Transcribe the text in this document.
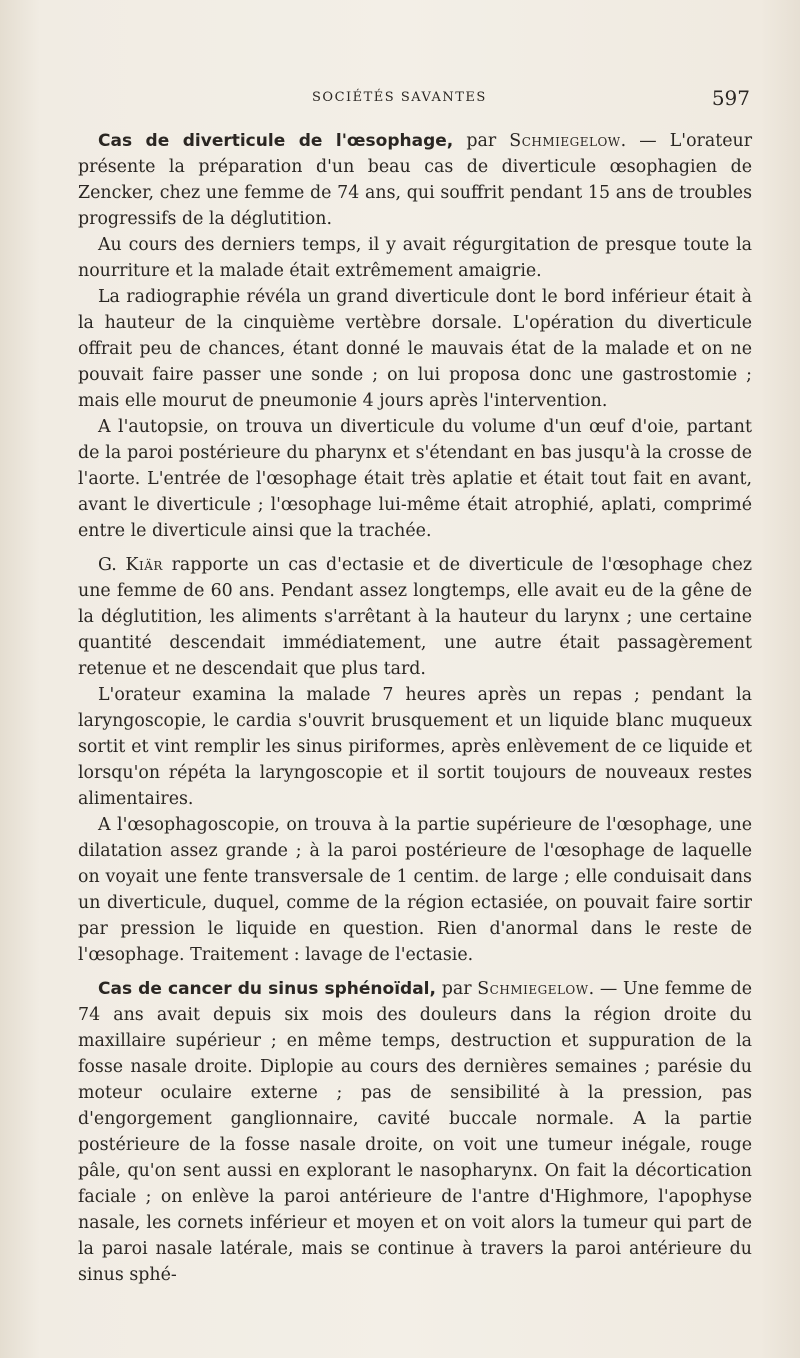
SOCIÉTÉS SAVANTES	597

Cas de diverticule de l'œsophage, par Schmiegelow. — L'orateur présente la préparation d'un beau cas de diverticule œsophagien de Zencker, chez une femme de 74 ans, qui souffrit pendant 15 ans de troubles progressifs de la déglutition.

Au cours des derniers temps, il y avait régurgitation de presque toute la nourriture et la malade était extrêmement amaigrie.

La radiographie révéla un grand diverticule dont le bord inférieur était à la hauteur de la cinquième vertèbre dorsale. L'opération du diverticule offrait peu de chances, étant donné le mauvais état de la malade et on ne pouvait faire passer une sonde ; on lui proposa donc une gastrostomie ; mais elle mourut de pneumonie 4 jours après l'intervention.

A l'autopsie, on trouva un diverticule du volume d'un œuf d'oie, partant de la paroi postérieure du pharynx et s'étendant en bas jusqu'à la crosse de l'aorte. L'entrée de l'œsophage était très aplatie et était tout fait en avant, avant le diverticule ; l'œsophage lui-même était atrophié, aplati, comprimé entre le diverticule ainsi que la trachée.

G. Kiär rapporte un cas d'ectasie et de diverticule de l'œsophage chez une femme de 60 ans. Pendant assez longtemps, elle avait eu de la gêne de la déglutition, les aliments s'arrêtant à la hauteur du larynx ; une certaine quantité descendait immédiatement, une autre était passagèrement retenue et ne descendait que plus tard.

L'orateur examina la malade 7 heures après un repas ; pendant la laryngoscopie, le cardia s'ouvrit brusquement et un liquide blanc muqueux sortit et vint remplir les sinus piriformes, après enlèvement de ce liquide et lorsqu'on répéta la laryngoscopie et il sortit toujours de nouveaux restes alimentaires.

A l'œsophagoscopie, on trouva à la partie supérieure de l'œsophage, une dilatation assez grande ; à la paroi postérieure de l'œsophage de laquelle on voyait une fente transversale de 1 centim. de large ; elle conduisait dans un diverticule, duquel, comme de la région ectasiée, on pouvait faire sortir par pression le liquide en question. Rien d'anormal dans le reste de l'œsophage. Traitement : lavage de l'ectasie.

Cas de cancer du sinus sphénoïdal, par Schmiegelow. — Une femme de 74 ans avait depuis six mois des douleurs dans la région droite du maxillaire supérieur ; en même temps, destruction et suppuration de la fosse nasale droite. Diplopie au cours des dernières semaines ; parésie du moteur oculaire externe ; pas de sensibilité à la pression, pas d'engorgement ganglionnaire, cavité buccale normale. A la partie postérieure de la fosse nasale droite, on voit une tumeur inégale, rouge pâle, qu'on sent aussi en explorant le nasopharynx. On fait la décortication faciale ; on enlève la paroi antérieure de l'antre d'Highmore, l'apophyse nasale, les cornets inférieur et moyen et on voit alors la tumeur qui part de la paroi nasale latérale, mais se continue à travers la paroi antérieure du sinus sphé-
